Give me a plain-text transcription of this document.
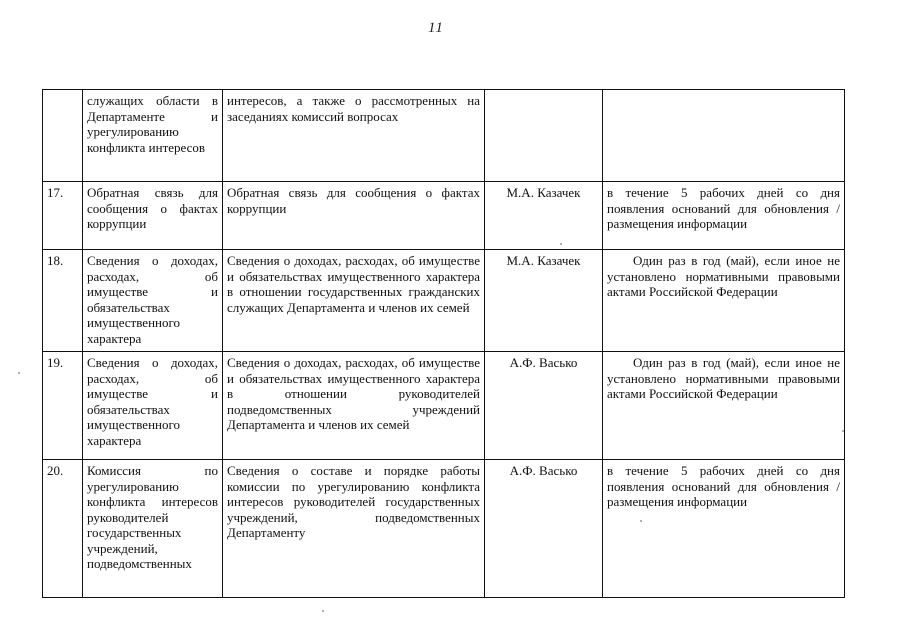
11
	служащих области в Департаменте и урегулированию конфликта интересов	интересов, а также о рассмотренных на заседаниях комиссий вопросах		
17.	Обратная связь для сообщения о фактах коррупции	Обратная связь для сообщения о фактах коррупции	М.А. Казачек	в течение 5 рабочих дней со дня появления оснований для обновления /размещения информации
18.	Сведения о доходах, расходах, об имуществе и обязательствах имущественного характера	Сведения о доходах, расходах, об имуществе и обязательствах имущественного характера в отношении государственных гражданских служащих Департамента и членов их семей	М.А. Казачек	Один раз в год (май), если иное не установлено нормативными правовыми актами Российской Федерации
19.	Сведения о доходах, расходах, об имуществе и обязательствах имущественного характера	Сведения о доходах, расходах, об имуществе и обязательствах имущественного характера в отношении руководителей подведомственных учреждений Департамента и членов их семей	А.Ф. Васько	Один раз в год (май), если иное не установлено нормативными правовыми актами Российской Федерации
20.	Комиссия по урегулированию конфликта интересов руководителей государственных учреждений, подведомственных	Сведения о составе и порядке работы комиссии по урегулированию конфликта интересов руководителей государственных учреждений, подведомственных Департаменту	А.Ф. Васько	в течение 5 рабочих дней со дня появления оснований для обновления /размещения информации
